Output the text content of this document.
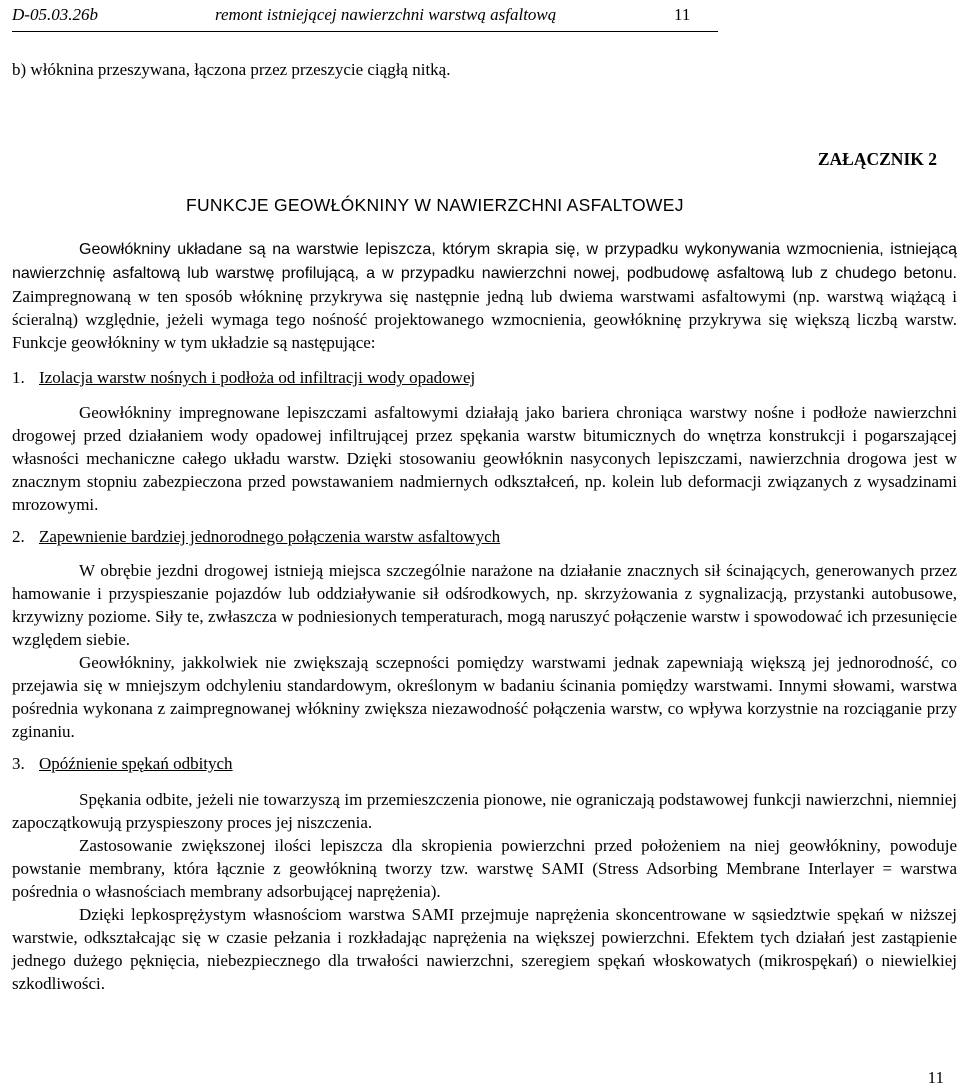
D-05.03.26b	remont istniejącej nawierzchni warstwą asfaltową	11
b) włóknina przeszywana, łączona przez przeszycie ciągłą nitką.
ZAŁĄCZNIK 2
FUNKCJE GEOWŁÓKNINY W NAWIERZCHNI ASFALTOWEJ

Geowłókniny układane są na warstwie lepiszcza, którym skrapia się, w przypadku wykonywania wzmocnienia, istniejącą nawierzchnię asfaltową lub warstwę profilującą, a w przypadku nawierzchni nowej, podbudowę asfaltową lub z chudego betonu. Zaimpregnowaną w ten sposób włókninę przykrywa się następnie jedną lub dwiema warstwami asfaltowymi (np. warstwą wiążącą i ścieralną) względnie, jeżeli wymaga tego nośność projektowanego wzmocnienia, geowłókninę przykrywa się większą liczbą warstw. Funkcje geowłókniny w tym układzie są następujące:

1. Izolacja warstw nośnych i podłoża od infiltracji wody opadowej

Geowłókniny impregnowane lepiszczami asfaltowymi działają jako bariera chroniąca warstwy nośne i podłoże nawierzchni drogowej przed działaniem wody opadowej infiltrującej przez spękania warstw bitumicznych do wnętrza konstrukcji i pogarszającej własności mechaniczne całego układu warstw. Dzięki stosowaniu geowłóknin nasyconych lepiszczami, nawierzchnia drogowa jest w znacznym stopniu zabezpieczona przed powstawaniem nadmiernych odkształceń, np. kolein lub deformacji związanych z wysadzinami mrozowymi.

2. Zapewnienie bardziej jednorodnego połączenia warstw asfaltowych

W obrębie jezdni drogowej istnieją miejsca szczególnie narażone na działanie znacznych sił ścinających, generowanych przez hamowanie i przyspieszanie pojazdów lub oddziaływanie sił odśrodkowych, np. skrzyżowania z sygnalizacją, przystanki autobusowe, krzywizny poziome. Siły te, zwłaszcza w podniesionych temperaturach, mogą naruszyć połączenie warstw i spowodować ich przesunięcie względem siebie.

Geowłókniny, jakkolwiek nie zwiększają sczepności pomiędzy warstwami jednak zapewniają większą jej jednorodność, co przejawia się w mniejszym odchyleniu standardowym, określonym w badaniu ścinania pomiędzy warstwami. Innymi słowami, warstwa pośrednia wykonana z zaimpregnowanej włókniny zwiększa niezawodność połączenia warstw, co wpływa korzystnie na rozciąganie przy zginaniu.

3. Opóźnienie spękań odbitych

Spękania odbite, jeżeli nie towarzyszą im przemieszczenia pionowe, nie ograniczają podstawowej funkcji nawierzchni, niemniej zapoczątkowują przyspieszony proces jej niszczenia.

Zastosowanie zwiększonej ilości lepiszcza dla skropienia powierzchni przed położeniem na niej geowłókniny, powoduje powstanie membrany, która łącznie z geowłókniną tworzy tzw. warstwę SAMI (Stress Adsorbing Membrane Interlayer = warstwa pośrednia o własnościach membrany adsorbującej naprężenia).

Dzięki lepkosprężystym własnościom warstwa SAMI przejmuje naprężenia skoncentrowane w sąsiedztwie spękań w niższej warstwie, odkształcając się w czasie pełzania i rozkładając naprężenia na większej powierzchni. Efektem tych działań jest zastąpienie jednego dużego pęknięcia, niebezpiecznego dla trwałości nawierzchni, szeregiem spękań włoskowatych (mikrospękań) o niewielkiej szkodliwości.

11
